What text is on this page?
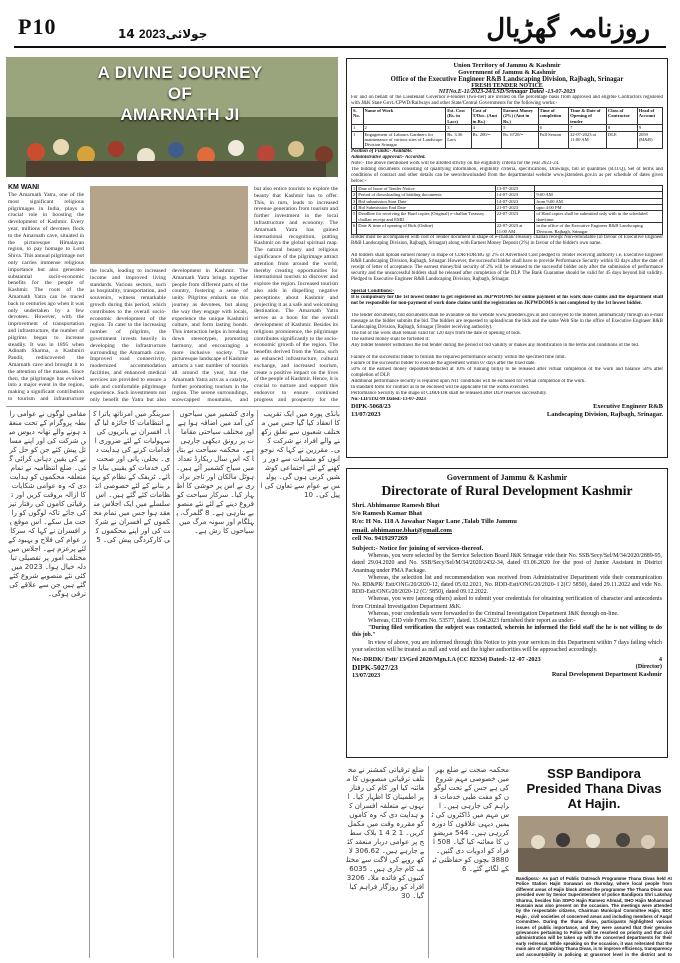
P10	14 جولائی2023	روزنامہ گھڑیال
A DIVINE JOURNEY OF
AMARNATH JI
KM WANI
The Amarnath Yatra, one of the most significant religious pilgrimages in India, plays a crucial role in boosting the development of Kashmir. Every year, millions of devotees flock to the Amarnath cave, situated in the picturesque Himalayan region, to pay homage to Lord Shiva. This annual pilgrimage not only carries immense religious importance but also generates substantial socio-economic benefits for the people of Kashmir. The roots of the Amarnath Yatra can be traced back to centuries ago when it was only undertaken by a few devotees. However, with the improvement of transportation and infrastructure, the number of pilgrims began to increase steadily. It was in 1895 when Adinath Sharma, a Kashmiri Pandit, rediscovered the Amarnath cave and brought it to the attention of the masses. Since then, the pilgrimage has evolved into a major event in the region, making a significant contribution to tourism and infrastructure
the locals, leading to increased income and improved living standards. Various sectors, such as hospitality, transportation, and souvenirs, witness remarkable growth during this period, which contributes to the overall socio-economic development of the region. To cater to the increasing number of pilgrims, the government invests heavily in developing the infrastructure surrounding the Amarnath cave. Improved road connectivity, modernized accommodation facilities, and enhanced medical services are provided to ensure a safe and comfortable pilgrimage experience. Such investments not only benefit the Yatra but also
development in Kashmir. The Amarnath Yatra brings together people from different parts of the country, fostering a sense of unity. Pilgrims embark on this journey as devotees, but along the way they engage with locals, experience the unique Kashmiri culture, and form lasting bonds. This interaction helps in breaking down stereotypes, promoting harmony, and encouraging a more inclusive society. The picturesque landscape of Kashmir attracts a vast number of tourists all around the year, but the Amarnath Yatra acts as a catalyst, further promoting tourism in the region. The serene surroundings, snowcapped mountains, and
but also entice tourists to explore the beauty that Kashmir has to offer. This, in turn, leads to increased revenue generation from tourism and further investment in the local infrastructure and economy. The Amarnath Yatra has gained international recognition, putting Kashmir on the global spiritual map. The natural beauty and religious significance of the pilgrimage attract attention from around the world, thereby creating opportunities for international tourists to discover and explore the region. Increased tourism also aids in dispelling negative perceptions about Kashmir and projecting it as a safe and welcoming destination. The Amarnath Yatra serves as a boon for the overall development of Kashmir. Besides its religious prominence, the pilgrimage contributes significantly to the socio-economic growth of the region. The benefits derived from the Yatra, such as enhanced infrastructure, cultural exchange, and increased tourism, create a positive impact on the lives of the people of Kashmir. Hence, it is crucial to nurture and support this endeavor to ensure continued progress and prosperity for the
مقامی لوگوں نے عوامی رابطہ پروگرام کے تحت منعقد ہونے والے تھانہ دیوس میں شرکت کی اور اپنے مسائل پیش کئے جن کو حل کرنے کی یقین دہانی کرائی گئی۔ ضلع انتظامیہ نے تمام متعلقہ محکموں کو ہدایت دی کہ وہ عوامی شکایات کا ازالہ بروقت کریں اور ترقیاتی کاموں کی رفتار تیز کی جائے تاکہ لوگوں کو راحت مل سکے۔ اس موقع پر افسران نے کہا کہ سرکار عوام کی فلاح و بہبود کے لئے پرعزم ہے۔ اجلاس میں مختلف امور پر تفصیلی تبادلہ خیال ہوا۔ 2023 میں کئی نئے منصوبے شروع کئے گئے ہیں جن سے علاقے کی ترقی ہوگی۔
سرینگر میں امرناتھ یاترا کے انتظامات کا جائزہ لیا گیا۔ افسران نے یاتریوں کی سہولیات کے لئے ضروری اقدامات کرنے کی ہدایت دی۔ بجلی، پانی اور صحت کی خدمات کو یقینی بنایا جائے۔ ٹریفک کے نظام کو بہتر بنانے کے لئے خصوصی انتظامات کئے گئے ہیں۔ اس سلسلے میں ایک اجلاس منعقد ہوا جس میں تمام محکموں کے افسران نے شرکت کی اور اپنے محکموں کی کارکردگی پیش کی۔ 5
وادی کشمیر میں سیاحوں کی آمد میں اضافہ ہوا ہے اور مختلف سیاحتی مقامات پر رونق دیکھی جارہی ہے۔ محکمہ سیاحت نے بتایا کہ اس سال ریکارڈ تعداد میں سیاح کشمیر آئے ہیں۔ ہوٹل مالکان اور تاجر برادری نے اس پر خوشی کا اظہار کیا۔ سرکار سیاحت کو فروغ دینے کے لئے نئے منصوبے بنارہی ہے۔ 8 گلمرگ، پہلگام اور سونہ مرگ میں سیاحوں کا رش ہے۔
بانڈی پورہ میں ایک تقریب کا انعقاد کیا گیا جس میں مختلف شعبوں سے تعلق رکھنے والے افراد نے شرکت کی۔ مقررین نے کہا کہ نوجوانوں کو منشیات سے دور رکھنے کے لئے اجتماعی کوششیں کرنی ہوں گی۔ پولیس نے عوام سے تعاون کی اپیل کی۔ 10
ضلع ترقیاتی کمشنر نے مختلف ترقیاتی منصوبوں کا معائنہ کیا اور کام کی رفتار پر اطمینان کا اظہار کیا۔ انہوں نے متعلقہ افسران کو ہدایت دی کہ وہ کاموں کو مقررہ وقت میں مکمل کریں۔ 1 2 4 1 بلاک سطح پر عوامی دربار منعقد کئے جارہے ہیں۔ 306.62 لاکھ روپے کی لاگت سے مختلف کام جاری ہیں۔ 6035 کنبوں کو فائدہ ملا۔ 3206 افراد کو روزگار فراہم کیا گیا۔ 30
محکمہ صحت نے ضلع بھر میں خصوصی مہم شروع کی ہے جس کے تحت لوگوں کو مفت طبی خدمات فراہم کی جارہی ہیں۔ اس مہم میں ڈاکٹروں کی ٹیمیں دیہی علاقوں کا دورہ کررہی ہیں۔ 544 مریضوں کا معائنہ کیا گیا۔ 508 افراد کو ادویات دی گئیں۔ 3880 بچوں کو حفاظتی ٹیکے لگائے گئے۔ 6
Union Territory of Jammu & Kashmir
Government of Jammu & Kashmir
Office of the Executive Engineer R&B Landscaping Division, Rajbagh, Srinagar
FRESH TENDER NOTICE
NITNo.E-11/2023-24/LSD/Srinagar Dated -13-07-2023
For and on behalf of the Lieutenant Governor e-tenders (two-tier) are invited on the percentage basis from approved and eligible Contractors registered with J&K State Govt./CPWD/Railways and other State/Central Governments for the following works:-
S. No.	Name of Work	Est. Cost (Rs. in Lacs)	Cost of T/Doc. (Amt in Rs.)	Earnest Money (2%) (Amt in Rs.)	Time of completion	Time & Date of Opening of tender	Class of Contractor	Head of Account
1	2	3	4	5	6	7	8	9
1	Engagement of Labours Gardners for maintenance of various sites of Landscape Division Srinagar	Rs. 3.36 Lacs	Rs. 200/=	Rs. 6720/=	Full Season	22-07-2023 at 11:00 AM	DLE	2059 (M&R)
Position of Funds:- Available.
Administrative approval:- Accorded.
Note:- The above mentioned work will be allotted strictly on the eligibility criteria for the year 2023-24.
The bidding documents consisting of qualifying information, eligibility criteria, specifications, Drawings, bill of quantities (B.O.Q), Set of terms and conditions of contract and other details can be seen/downloaded from the departmental website www.jktenders.gov.in as per schedule of dates given below:-
1	Date of Issue of Tender Notice	13-07-2023	
2	Period of downloading of bidding documents	14-07-2023	9:00 AM
3	Bid submission Start Date	14-07-2023	from 9:00 AM
4	Bid Submission End Date	21-07-2023	upto 4:00 PM
5	Deadline for receiving the Hard copies (Original) e-challan Treasury challan receipt and EMD	22-07-2023	of Hard copies shall be submitted only with in the scheduled date/time.
6	Date & time of opening of Bids (Online)	22-07-2023 at 11:00 AM	in the office of the Executive Engineer R&B Landscaping Division, Rajbagh, Srinagar
Bidder must be accompanied with cost of Tender document in shape of e-challan/Treasury challan receipt Non-refundable (in favour of Executive Engineer R&B Landscaping Division, Rajbagh, Srinagar) along with Earnest Money Deposit (2%) in favour of the bidder's own name.
All bidders shall upload earnest money in shape of CDR/FDR/BG @ 2% of Advertised Cost pledged to Tender receiving authority i.e. Executive Engineer R&B Landscaping Division, Rajbagh, Srinagar. However, the successful bidder shall have to provide Performance Security within 02 days after the date of receipt of letter of acceptance. The earnest money/bid security of 2% will be released to the successful bidder only after the submission of performance security and the unsuccessful bidders shall be released after completion of the DLP. The Bank Guarantee should be valid for 45 days beyond bid validity. Pledged to Executive Engineer R&B Landscaping Division, Rajbagh, Srinagar.
Special Conditions:-
It is compulsory for the 1st lowest bidder to get registered on JKPWDOMS for online payment of his work done claims and the department shall not be responsible for non-payment of work done claims until the registration on JKPWDOMS is not completed by the 1st lowest bidder.
The tender documents, bid documents shall be available on the website www.jktenders.gov.in and conveyed to the bidders automatically through an e-mail message as the bidder submits the bid. The bidders are requested to upload/scan the bids and the same Web Site in the office of Executive Engineer R&B Landscaping Division, Rajbagh, Srinagar (Tender receiving authority).
The bid of the work shall remain valid for 120 days from the date of opening of bids.
The earnest money shall be forfeited if:
Any bidder tenderer withdraws the bid tender during the period of bid validity or makes any modification in the terms and conditions of the bid.
Failure of the successful bidder to furnish the required performance security within the specified time limit.
Failure of the successful bidder to execute the agreement within 07 days after the fixed date.
50% of the earnest money deposited/deducted at 10% of running bill(s) to be released after virtual completion of the work and balance 50% after completion of DLP.
Additional performance security is required upon NIT conditions will be enclosed for virtual completion of the work.
In standard form for contract as to be enclosed will be applicable for the works executed.
Performance Security in the shape of CDR/FDR shall be released after DLP reserves successfully.
No:-LD/1192-99 Dated:-13-07-2023
DIPK-5068/23
13/07/2023
Executive Engineer R&B
Landscaping Division, Rajbagh, Srinagar.
Government of Jammu & Kashmir
Directorate of Rural Development Kashmir
Shri. Abhimanue Ramesh Bhat
S/o Ramesh Kamar Bhat
R/o: H No. 118 A Jawahar Nagar Lane ,Talab Tillo Jammu
email. abhimanue.bhat@gmail.com
cell No. 9419297269
Subject:- Notice for joining of services-thereof.
Whereas, you were selected by the Service Selection Board J&K Srinagar vide their No. SSB/Secy/Sel/M/34/2020/2889-95, dated 29.04.2020 and No. SSB/Secy/Sel/M/34/2020/2432-34, dated 03.06.2020 for the post of Junior Assistant in District Anantnag under PMA Package.
Whereas, the selection list and recommendation was received from Administrative Department vide their communication No. RD&PR/ Estt/ONG/20/2020-12, dated 05.02.2021, No. RDD-Estt/ONG/20/2020- I 2(C/ 5850), dated 29.11.2022 and vide No. RDD-Estt/ONG/20/2020-12 (C/ 5850), dated 09.12.2022.
Whereas, you were (among others) asked to submit your credentials for obtaining verification of character and antecedents from Criminal Investigation Department J&K.
Whereas, your credentials were forwarded to the Criminal Investigation Department J&K through on-line.
Whereas, CID vide Form No. 53577, dated. 15.04.2023 furnished their report as under:-
"During filed verification the subject was contacted, wherein he informed the field staff the he is not willing to do this job."
In view of above, you are informed through this Notice to join your services in this Department within 7 days failing which your selection will be treated as null and void and the higher authorities will be approached accordingly.
No:-DRDK/ Estt/ 13/Grd 2020/Mgn.I.A (CC 82334) Dated:-12 -07 -2023
DIPK-5027/23
13/07/2023
4
(Director)
Rural Development Department Kashmir
SSP Bandipora
Presided Thana Divas
At Hajin.
Bandipora:- As part of Public Outreach Programme Thana Divas held At Police Station Hajin Sonawari on thursday, where local people from different areas of Hajin block attend the programme The Thana Divas was presided over by Senior Superintendent of police Bandipora Shri Lakshay Sharma, besides him SDPO Hajin Rameez Ahmad, SHO Hajin Mohammad Hussain was also present on the occasion. The meetings were attended by the respectable citizens, Chairman Municipal Committee Hajin, BDC Hajin , civil societies of concerned areas and including members of Auqaf Committee. During the thana divas, participants highlighted various issues of public importance, and they were assured that their genuine grievances pertaining to Police will be resolved on priority and that civil administration will be taken up with the concerned departments for their early redressal. While speaking on the occasion, it was reiterated that the main aim of organizing Thana Divas, is to improve efficiency, transparency and accountability in policing at grassroot level in the district and to
